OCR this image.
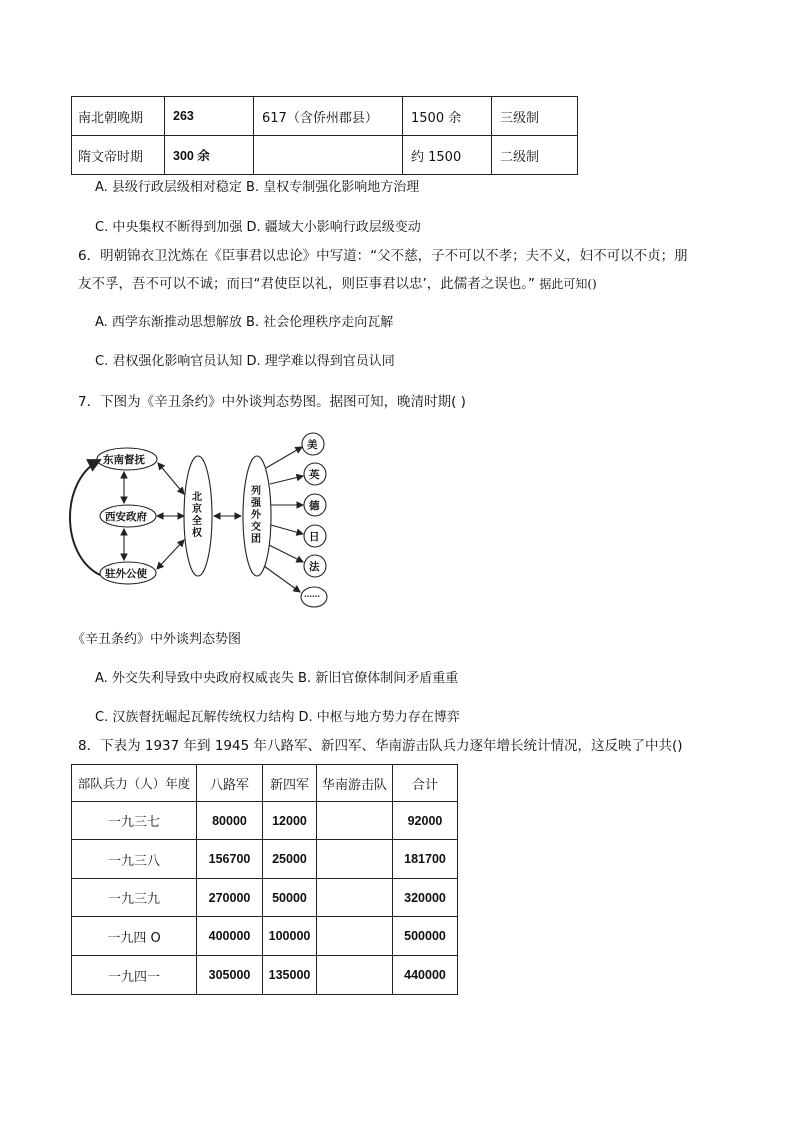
南北朝晚期	263	617（含侨州郡县）	1500 余	三级制
隋文帝时期	300 余		约 1500	二级制
A. 县级行政层级相对稳定 B. 皇权专制强化影响地方治理
C. 中央集权不断得到加强 D. 疆域大小影响行政层级变动
6．明朝锦衣卫沈炼在《臣事君以忠论》中写道：“父不慈，子不可以不孝；夫不义，妇不可以不贞；朋
友不孚，吾不可以不诚；而曰“君使臣以礼，则臣事君以忠’，此儒者之误也。” 据此可知()
A. 西学东渐推动思想解放 B. 社会伦理秩序走向瓦解
C. 君权强化影响官员认知 D. 理学难以得到官员认同
7．下图为《辛丑条约》中外谈判态势图。据图可知，晚清时期( )
东南督抚
西安政府
驻外公使
北京全权
列强外交团
美
英
德
日
法
……
《辛丑条约》中外谈判态势图
A. 外交失利导致中央政府权威丧失 B. 新旧官僚体制间矛盾重重
C. 汉族督抚崛起瓦解传统权力结构 D. 中枢与地方势力存在博弈
8．下表为 1937 年到 1945 年八路军、新四军、华南游击队兵力逐年增长统计情况，这反映了中共()
部队兵力（人）年度	八路军	新四军	华南游击队	合计
一九三七	80000	12000		92000
一九三八	156700	25000		181700
一九三九	270000	50000		320000
一九四 O	400000	100000		500000
一九四一	305000	135000		440000
